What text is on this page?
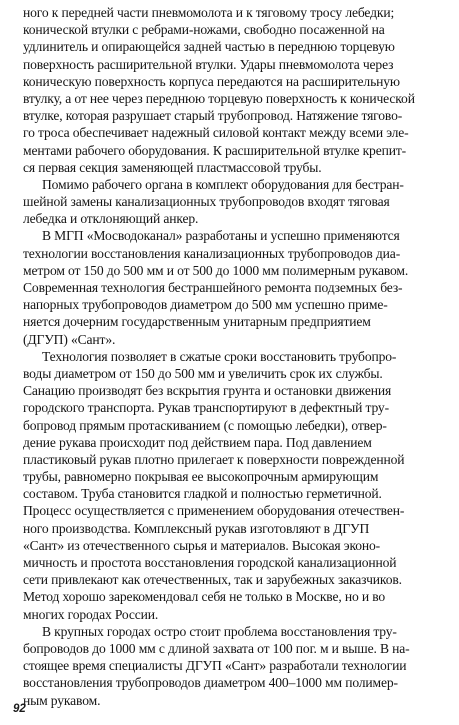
ного к передней части пневмомолота и к тяговому тросу лебедки;
конической втулки с ребрами-ножами, свободно посаженной на
удлинитель и опирающейся задней частью в переднюю торцевую
поверхность расширительной втулки. Удары пневмомолота через
коническую поверхность корпуса передаются на расширительную
втулку, а от нее через переднюю торцевую поверхность к конической
втулке, которая разрушает старый трубопровод. Натяжение тягово-
го троса обеспечивает надежный силовой контакт между всеми эле-
ментами рабочего оборудования. К расширительной втулке крепит-
ся первая секция заменяющей пластмассовой трубы.
Помимо рабочего органа в комплект оборудования для бестран-
шейной замены канализационных трубопроводов входят тяговая
лебедка и отклоняющий анкер.
В МГП «Мосводоканал» разработаны и успешно применяются
технологии восстановления канализационных трубопроводов диа-
метром от 150 до 500 мм и от 500 до 1000 мм полимерным рукавом.
Современная технология бестраншейного ремонта подземных без-
напорных трубопроводов диаметром до 500 мм успешно приме-
няется дочерним государственным унитарным предприятием
(ДГУП) «Сант».
Технология позволяет в сжатые сроки восстановить трубопро-
воды диаметром от 150 до 500 мм и увеличить срок их службы.
Санацию производят без вскрытия грунта и остановки движения
городского транспорта. Рукав транспортируют в дефектный тру-
бопровод прямым протаскиванием (с помощью лебедки), отвер-
дение рукава происходит под действием пара. Под давлением
пластиковый рукав плотно прилегает к поверхности поврежденной
трубы, равномерно покрывая ее высокопрочным армирующим
составом. Труба становится гладкой и полностью герметичной.
Процесс осуществляется с применением оборудования отечествен-
ного производства. Комплексный рукав изготовляют в ДГУП
«Сант» из отечественного сырья и материалов. Высокая эконо-
мичность и простота восстановления городской канализационной
сети привлекают как отечественных, так и зарубежных заказчиков.
Метод хорошо зарекомендовал себя не только в Москве, но и во
многих городах России.
В крупных городах остро стоит проблема восстановления тру-
бопроводов до 1000 мм с длиной захвата от 100 пог. м и выше. В на-
стоящее время специалисты ДГУП «Сант» разработали технологии
восстановления трубопроводов диаметром 400–1000 мм полимер-
ным рукавом.
92
